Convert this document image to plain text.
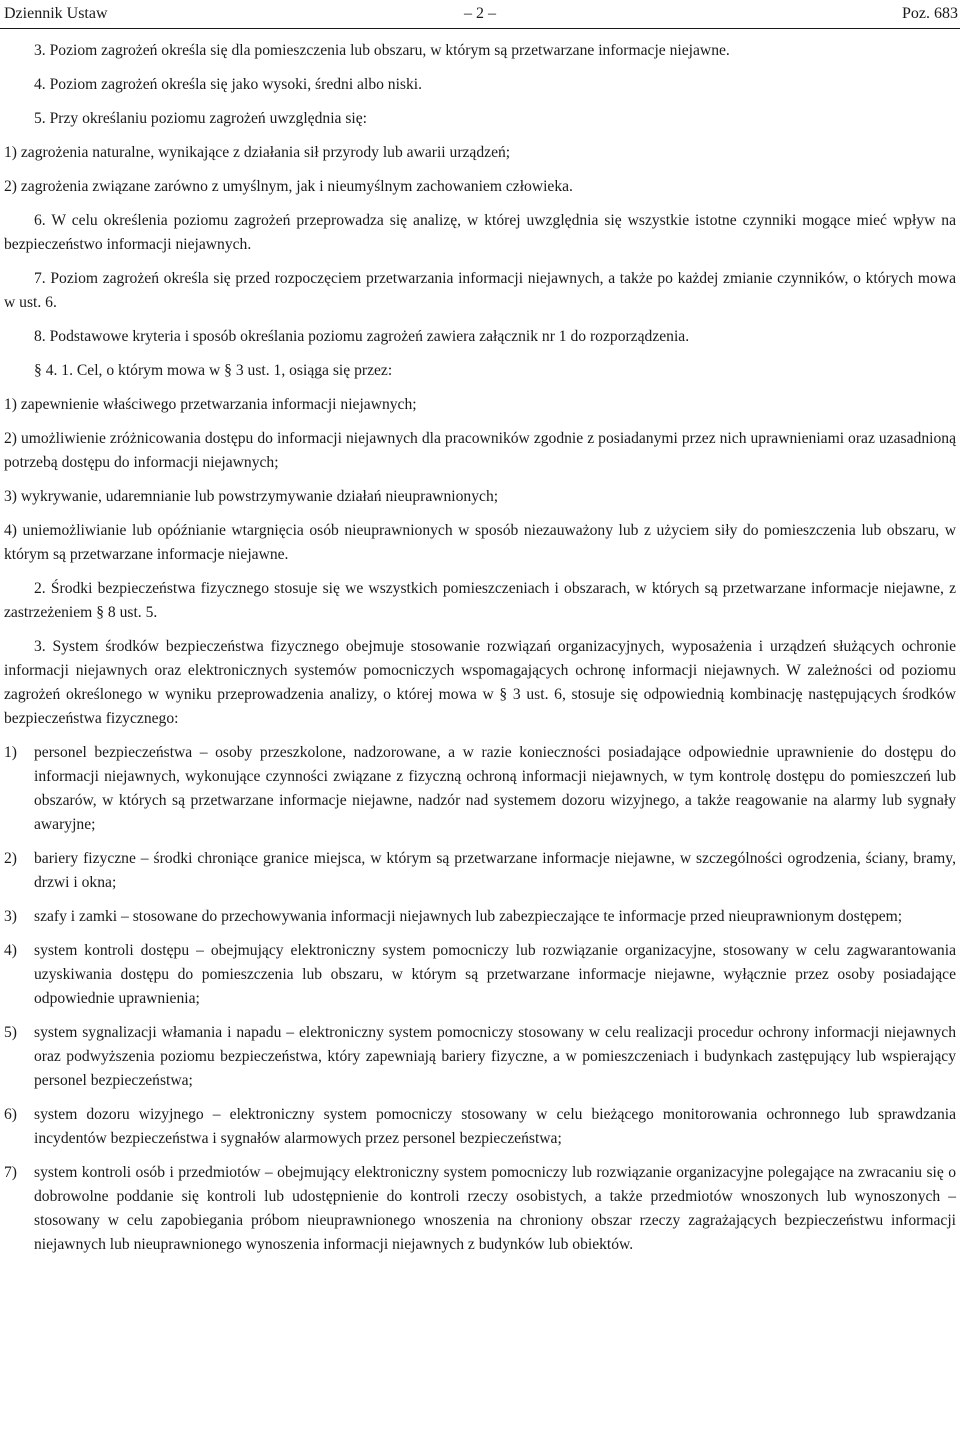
Dziennik Ustaw	– 2 –	Poz. 683

3. Poziom zagrożeń określa się dla pomieszczenia lub obszaru, w którym są przetwarzane informacje niejawne.

4. Poziom zagrożeń określa się jako wysoki, średni albo niski.

5. Przy określaniu poziomu zagrożeń uwzględnia się:

1) zagrożenia naturalne, wynikające z działania sił przyrody lub awarii urządzeń;

2) zagrożenia związane zarówno z umyślnym, jak i nieumyślnym zachowaniem człowieka.

6. W celu określenia poziomu zagrożeń przeprowadza się analizę, w której uwzględnia się wszystkie istotne czynniki mogące mieć wpływ na bezpieczeństwo informacji niejawnych.

7. Poziom zagrożeń określa się przed rozpoczęciem przetwarzania informacji niejawnych, a także po każdej zmianie czynników, o których mowa w ust. 6.

8. Podstawowe kryteria i sposób określania poziomu zagrożeń zawiera załącznik nr 1 do rozporządzenia.

§ 4. 1. Cel, o którym mowa w § 3 ust. 1, osiąga się przez:

1) zapewnienie właściwego przetwarzania informacji niejawnych;

2) umożliwienie zróżnicowania dostępu do informacji niejawnych dla pracowników zgodnie z posiadanymi przez nich uprawnieniami oraz uzasadnioną potrzebą dostępu do informacji niejawnych;

3) wykrywanie, udaremnianie lub powstrzymywanie działań nieuprawnionych;

4) uniemożliwianie lub opóźnianie wtargnięcia osób nieuprawnionych w sposób niezauważony lub z użyciem siły do pomieszczenia lub obszaru, w którym są przetwarzane informacje niejawne.

2. Środki bezpieczeństwa fizycznego stosuje się we wszystkich pomieszczeniach i obszarach, w których są przetwarzane informacje niejawne, z zastrzeżeniem § 8 ust. 5.

3. System środków bezpieczeństwa fizycznego obejmuje stosowanie rozwiązań organizacyjnych, wyposażenia i urządzeń służących ochronie informacji niejawnych oraz elektronicznych systemów pomocniczych wspomagających ochronę informacji niejawnych. W zależności od poziomu zagrożeń określonego w wyniku przeprowadzenia analizy, o której mowa w § 3 ust. 6, stosuje się odpowiednią kombinację następujących środków bezpieczeństwa fizycznego:

1) personel bezpieczeństwa – osoby przeszkolone, nadzorowane, a w razie konieczności posiadające odpowiednie uprawnienie do dostępu do informacji niejawnych, wykonujące czynności związane z fizyczną ochroną informacji niejawnych, w tym kontrolę dostępu do pomieszczeń lub obszarów, w których są przetwarzane informacje niejawne, nadzór nad systemem dozoru wizyjnego, a także reagowanie na alarmy lub sygnały awaryjne;

2) bariery fizyczne – środki chroniące granice miejsca, w którym są przetwarzane informacje niejawne, w szczególności ogrodzenia, ściany, bramy, drzwi i okna;

3) szafy i zamki – stosowane do przechowywania informacji niejawnych lub zabezpieczające te informacje przed nieuprawnionym dostępem;

4) system kontroli dostępu – obejmujący elektroniczny system pomocniczy lub rozwiązanie organizacyjne, stosowany w celu zagwarantowania uzyskiwania dostępu do pomieszczenia lub obszaru, w którym są przetwarzane informacje niejawne, wyłącznie przez osoby posiadające odpowiednie uprawnienia;

5) system sygnalizacji włamania i napadu – elektroniczny system pomocniczy stosowany w celu realizacji procedur ochrony informacji niejawnych oraz podwyższenia poziomu bezpieczeństwa, który zapewniają bariery fizyczne, a w pomieszczeniach i budynkach zastępujący lub wspierający personel bezpieczeństwa;

6) system dozoru wizyjnego – elektroniczny system pomocniczy stosowany w celu bieżącego monitorowania ochronnego lub sprawdzania incydentów bezpieczeństwa i sygnałów alarmowych przez personel bezpieczeństwa;

7) system kontroli osób i przedmiotów – obejmujący elektroniczny system pomocniczy lub rozwiązanie organizacyjne polegające na zwracaniu się o dobrowolne poddanie się kontroli lub udostępnienie do kontroli rzeczy osobistych, a także przedmiotów wnoszonych lub wynoszonych – stosowany w celu zapobiegania próbom nieuprawnionego wnoszenia na chroniony obszar rzeczy zagrażających bezpieczeństwu informacji niejawnych lub nieuprawnionego wynoszenia informacji niejawnych z budynków lub obiektów.
